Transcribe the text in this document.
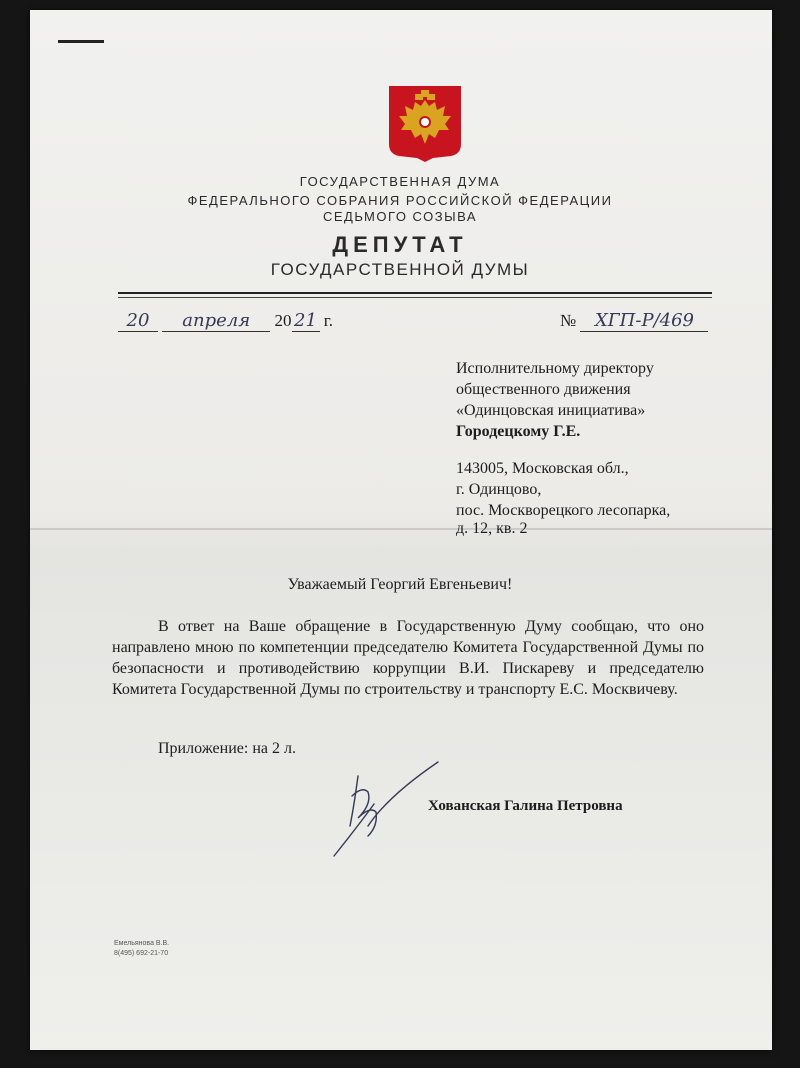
ГОСУДАРСТВЕННАЯ ДУМА
ФЕДЕРАЛЬНОГО СОБРАНИЯ РОССИЙСКОЙ ФЕДЕРАЦИИ
СЕДЬМОГО СОЗЫВА
ДЕПУТАТ
ГОСУДАРСТВЕННОЙ ДУМЫ
20 апреля 20 21 г.	№ ХГП-Р/469
Исполнительному директору
общественного движения
«Одинцовская инициатива»
Городецкому Г.Е.
143005, Московская обл.,
г. Одинцово,
пос. Москворецкого лесопарка,
д. 12, кв. 2
Уважаемый Георгий Евгеньевич!
В ответ на Ваше обращение в Государственную Думу сообщаю, что оно направлено мною по компетенции председателю Комитета Государственной Думы по безопасности и противодействию коррупции В.И. Пискареву и председателю Комитета Государственной Думы по строительству и транспорту Е.С. Москвичеву.
Приложение: на 2 л.
Хованская Галина Петровна
Емельянова В.В.
8(495) 692-21-70
